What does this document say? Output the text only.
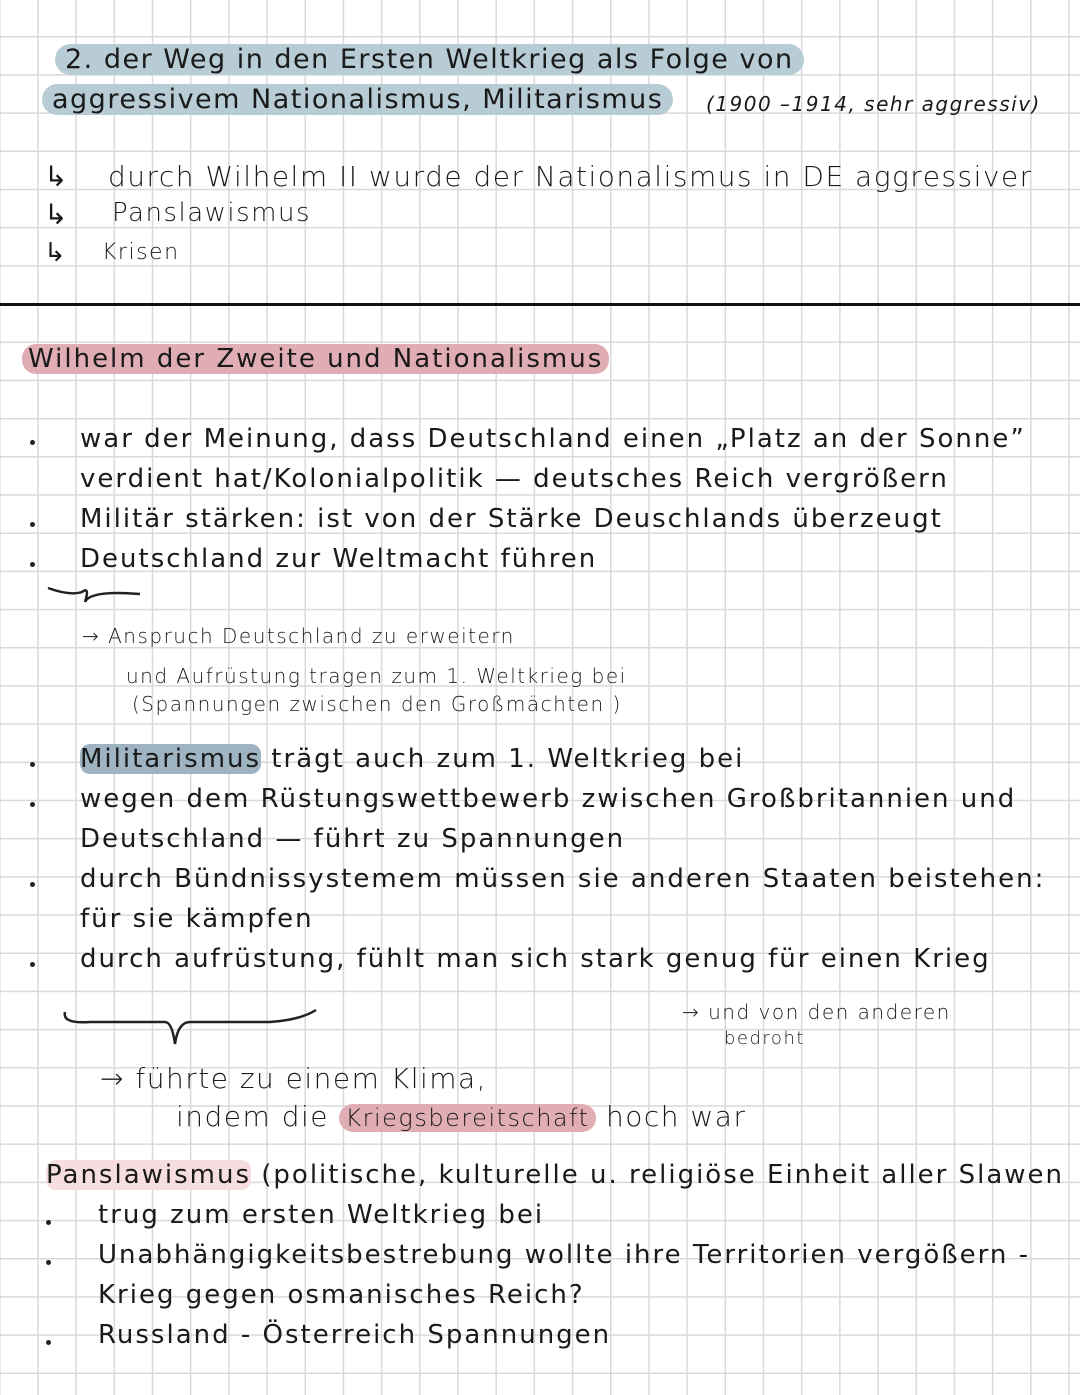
2. der Weg in den Ersten Weltkrieg als Folge von
aggressivem Nationalismus, Militarismus	(1900 –1914, sehr aggressiv)
↳ durch Wilhelm II wurde der Nationalismus in DE aggressiver
↳ Panslawismus
↳ Krisen
Wilhelm der Zweite und Nationalismus
war der Meinung, dass Deutschland einen „Platz an der Sonne”
verdient hat/Kolonialpolitik — deutsches Reich vergrößern
Militär stärken: ist von der Stärke Deuschlands überzeugt
Deutschland zur Weltmacht führen
→ Anspruch Deutschland zu erweitern
und Aufrüstung tragen zum 1. Weltkrieg bei
(Spannungen zwischen den Großmächten )
Militarismus trägt auch zum 1. Weltkrieg bei
wegen dem Rüstungswettbewerb zwischen Großbritannien und
Deutschland — führt zu Spannungen
durch Bündnissystemem müssen sie anderen Staaten beistehen:
für sie kämpfen
durch aufrüstung, fühlt man sich stark genug für einen Krieg
→ und von den anderen
bedroht
→ führte zu einem Klima,
indem die Kriegsbereitschaft hoch war
Panslawismus (politische, kulturelle u. religiöse Einheit aller Slawen
trug zum ersten Weltkrieg bei
Unabhängigkeitsbestrebung wollte ihre Territorien vergößern -
Krieg gegen osmanisches Reich?
Russland - Österreich Spannungen
